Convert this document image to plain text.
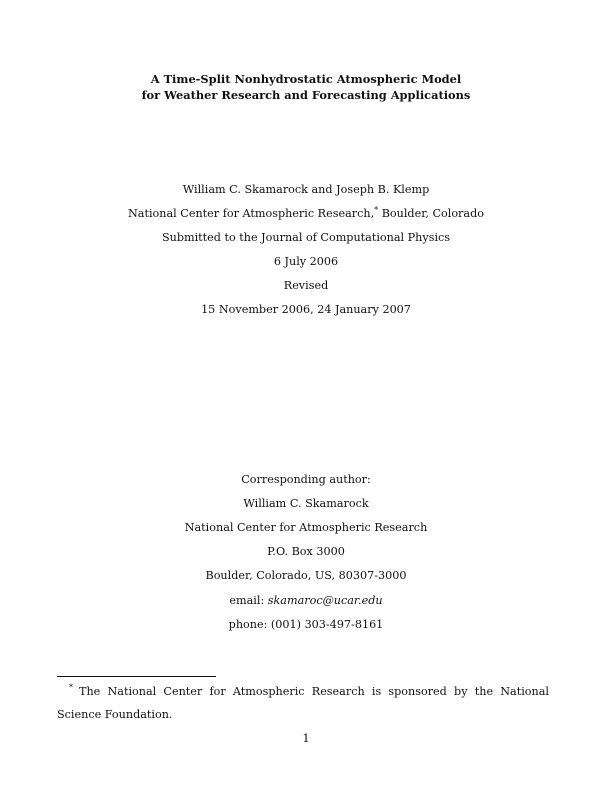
A Time-Split Nonhydrostatic Atmospheric Model
for Weather Research and Forecasting Applications
William C. Skamarock and Joseph B. Klemp
National Center for Atmospheric Research,* Boulder, Colorado
Submitted to the Journal of Computational Physics
6 July 2006
Revised
15 November 2006, 24 January 2007
Corresponding author:
William C. Skamarock
National Center for Atmospheric Research
P.O. Box 3000
Boulder, Colorado, US, 80307-3000
email: skamaroc@ucar.edu
phone: (001) 303-497-8161
* The National Center for Atmospheric Research is sponsored by the National Science Foundation.
1
